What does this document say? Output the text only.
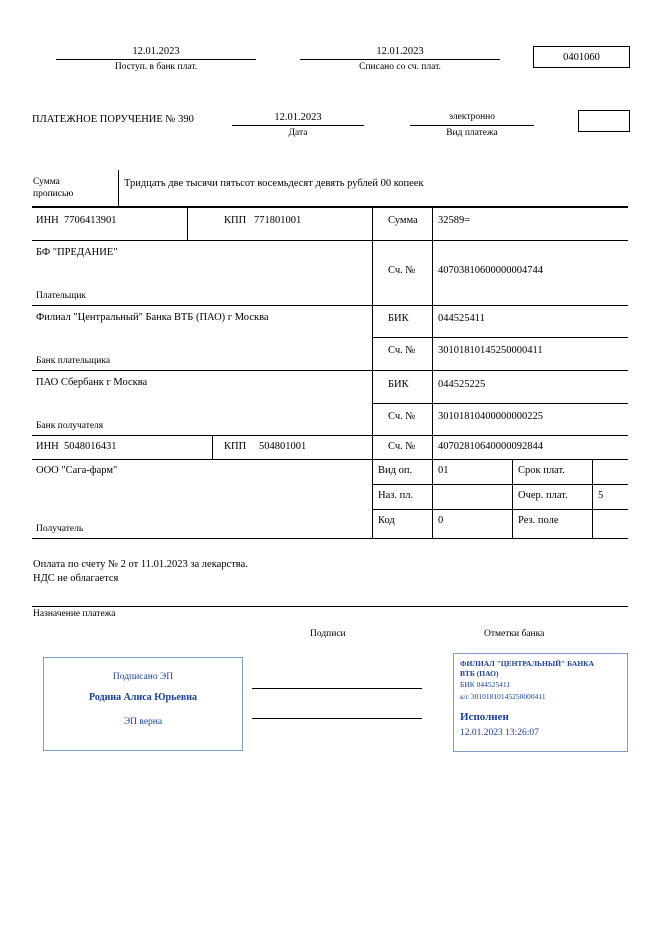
12.01.2023
Поступ. в банк плат.
12.01.2023
Списано со сч. плат.
0401060
ПЛАТЕЖНОЕ ПОРУЧЕНИЕ № 390	12.01.2023
Дата
электронно
Вид платежа
Сумма
прописью
Тридцать две тысячи пятьсот восемьдесят девять рублей 00 копеек
ИНН 7706413901	КПП 771801001	Сумма 32589=
БФ "ПРЕДАНИЕ"
Сч. № 40703810600000004744
Плательщик
Филиал "Центральный" Банка ВТБ (ПАО) г Москва	БИК	044525411
Сч. № 30101810145250000411
Банк плательщика
ПАО Сбербанк г Москва	БИК	044525225
Сч. № 30101810400000000225
Банк получателя
ИНН 5048016431	КПП 504801001	Сч. № 40702810640000092844
ООО "Сага-фарм"	Вид оп. 01	Срок плат.
Наз. пл.	Очер. плат.	5
Код	0	Рез. поле
Получатель
Оплата по счету № 2 от 11.01.2023 за лекарства.
НДС не облагается
Назначение платежа
Подписи	Отметки банка
Подписано ЭП
Родина Алиса Юрьевна
ЭП верна
ФИЛИАЛ "ЦЕНТРАЛЬНЫЙ" БАНКА
ВТБ (ПАО)
БИК 044525411
к/с 30101810145250000411
Исполнен
12.01.2023 13:26:07
